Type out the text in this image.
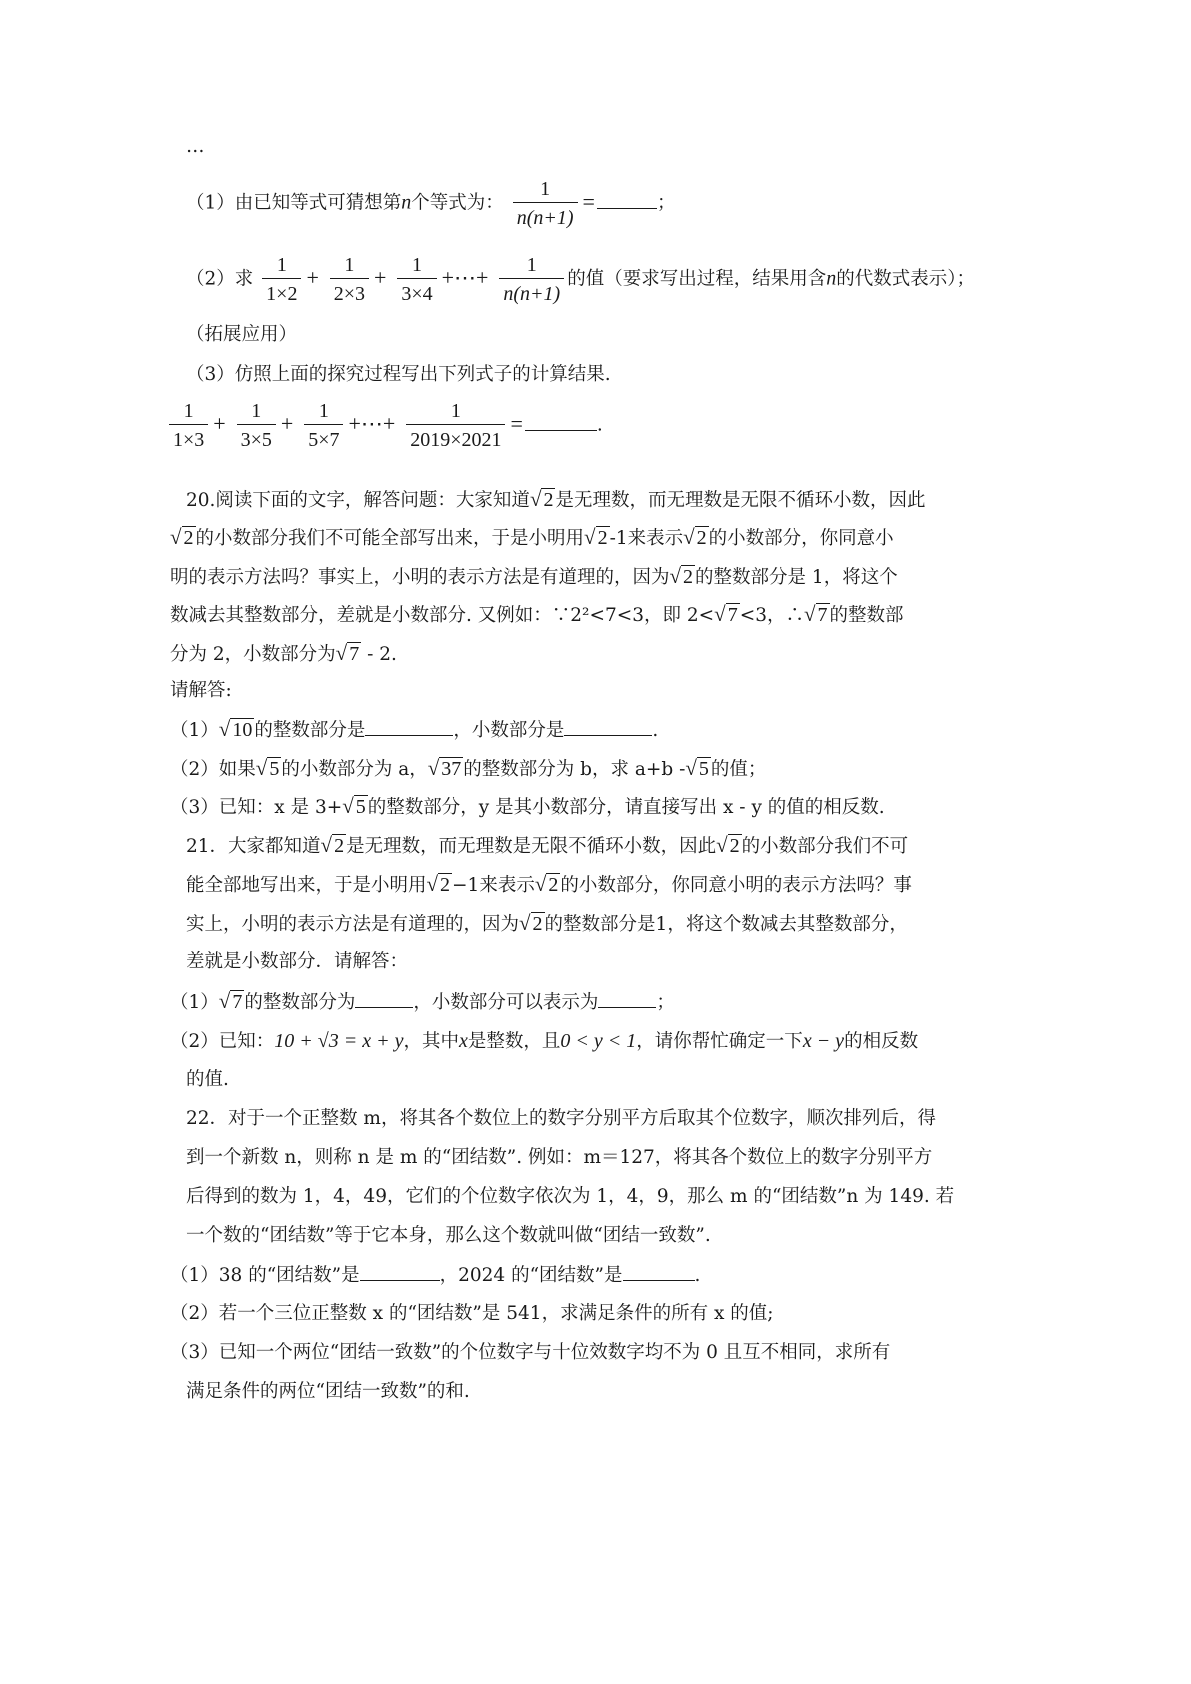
…
（1）由已知等式可猜想第n个等式为： $\frac{1}{n(n+1)}$ =	；
（2）求 $\frac{1}{1\times 2} + \frac{1}{2\times 3} + \frac{1}{3\times 4}$ +⋯+ $\frac{1}{n(n+1)}$ 的值（要求写出过程，结果用含n的代数式表示）；
（拓展应用）
（3）仿照上面的探究过程写出下列式子的计算结果.
$\frac{1}{1\times 3} + \frac{1}{3\times 5} + \frac{1}{5\times 7}$ +⋯+ $\frac{1}{2019\times 2021}$ =	.
20.阅读下面的文字，解答问题：大家知道√ 2 是无理数，而无理数是无限不循环小数，因此
√ 2 的小数部分我们不可能全部写出来，于是小明用√ 2 -1来表示√ 2 的小数部分，你同意小
明的表示方法吗？事实上，小明的表示方法是有道理的，因为√ 2 的整数部分是 1，将这个
数减去其整数部分，差就是小数部分. 又例如：∵2²<7<3，即 2<√ 7 <3，∴√ 7 的整数部
分为 2，小数部分为√ 7 - 2.
请解答:
（1）√ 10 的整数部分是	，小数部分是	.
（2）如果√ 5 的小数部分为 a，√ 37 的整数部分为 b，求 a+b -√ 5 的值；
（3）已知：x 是 3+√ 5 的整数部分，y 是其小数部分，请直接写出 x - y 的值的相反数.
21．大家都知道√ 2 是无理数，而无理数是无限不循环小数，因此√ 2 的小数部分我们不可
能全部地写出来，于是小明用√ 2 −1来表示√ 2 的小数部分，你同意小明的表示方法吗？事
实上，小明的表示方法是有道理的，因为√ 2 的整数部分是1，将这个数减去其整数部分，
差就是小数部分．请解答：
（1）√ 7 的整数部分为	，小数部分可以表示为	；
（2）已知：10 + √3 = x + y，其中x是整数，且0 < y < 1，请你帮忙确定一下x − y的相反数
的值.
22．对于一个正整数 m，将其各个数位上的数字分别平方后取其个位数字，顺次排列后，得
到一个新数 n，则称 n 是 m 的“团结数”. 例如：m＝127，将其各个数位上的数字分别平方
后得到的数为 1，4，49，它们的个位数字依次为 1，4，9，那么 m 的“团结数”n 为 149. 若
一个数的“团结数”等于它本身，那么这个数就叫做“团结一致数”.
（1）38 的“团结数”是	，2024 的“团结数”是	.
（2）若一个三位正整数 x 的“团结数”是 541，求满足条件的所有 x 的值;
（3）已知一个两位“团结一致数”的个位数字与十位效数字均不为 0 且互不相同，求所有
满足条件的两位“团结一致数”的和.
